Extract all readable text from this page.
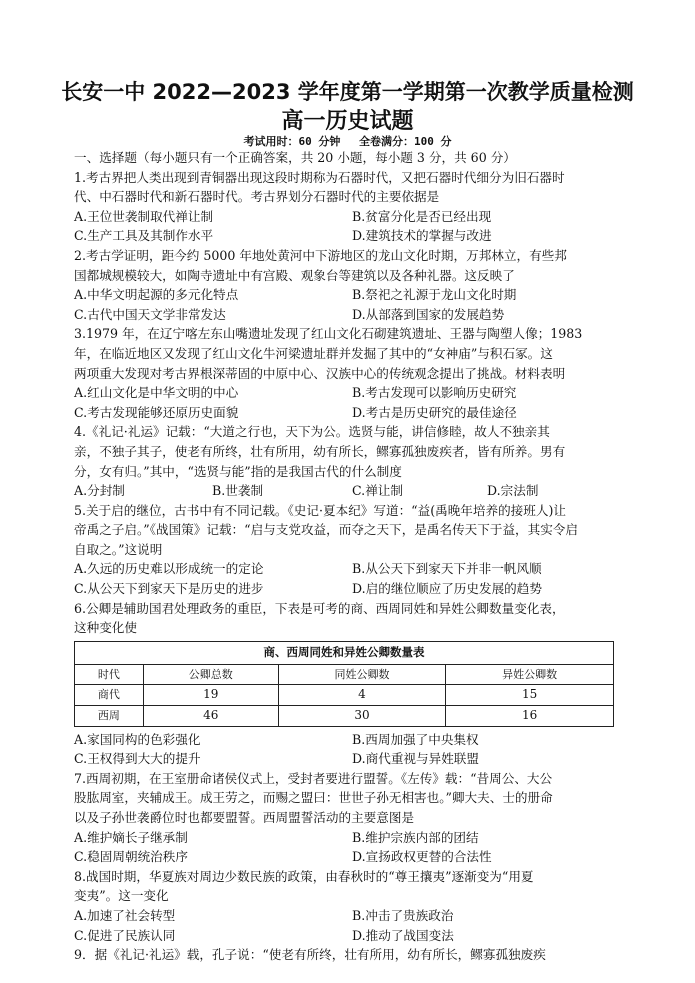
长安一中 2022—2023 学年度第一学期第一次教学质量检测
高一历史试题
考试用时：60 分钟 全卷满分：100 分
一、选择题（每小题只有一个正确答案，共 20 小题，每小题 3 分，共 60 分）
1.考古界把人类出现到青铜器出现这段时期称为石器时代，又把石器时代细分为旧石器时
代、中石器时代和新石器时代。考古界划分石器时代的主要依据是
A.王位世袭制取代禅让制	B.贫富分化是否已经出现
C.生产工具及其制作水平	D.建筑技术的掌握与改进
2.考古学证明，距今约 5000 年地处黄河中下游地区的龙山文化时期，万邦林立，有些邦
国都城规模较大，如陶寺遗址中有宫殿、观象台等建筑以及各种礼器。这反映了
A.中华文明起源的多元化特点	B.祭祀之礼源于龙山文化时期
C.古代中国天文学非常发达	D.从部落到国家的发展趋势
3.1979 年，在辽宁喀左东山嘴遗址发现了红山文化石砌建筑遗址、王器与陶塑人像；1983
年，在临近地区又发现了红山文化牛河梁遗址群并发掘了其中的“女神庙”与积石冢。这
两项重大发现对考古界根深蒂固的中原中心、汉族中心的传统观念提出了挑战。材料表明
A.红山文化是中华文明的中心	B.考古发现可以影响历史研究
C.考古发现能够还原历史面貌	D.考古是历史研究的最佳途径
4.《礼记·礼运》记载：“大道之行也，天下为公。选贤与能，讲信修睦，故人不独亲其
亲，不独子其子，使老有所终，壮有所用，幼有所长，鳏寡孤独废疾者，皆有所养。男有
分，女有归。”其中，“选贤与能”指的是我国古代的什么制度
A.分封制	B.世袭制	C.禅让制	D.宗法制
5.关于启的继位，古书中有不同记载。《史记·夏本纪》写道：“益(禹晚年培养的接班人)让
帝禹之子启。”《战国策》记载：“启与支党攻益，而夺之天下，是禹名传天下于益，其实令启
自取之。”这说明
A.久远的历史难以形成统一的定论	B.从公天下到家天下并非一帆风顺
C.从公天下到家天下是历史的进步	D.启的继位顺应了历史发展的趋势
6.公卿是辅助国君处理政务的重臣，下表是可考的商、西周同姓和异姓公卿数量变化表，
这种变化使
商、西周同姓和异姓公卿数量表			
时代	公卿总数	同姓公卿数	异姓公卿数
商代	19	4	15
西周	46	30	16
A.家国同构的色彩强化	B.西周加强了中央集权
C.王权得到大大的提升	D.商代重视与异姓联盟
7.西周初期，在王室册命诸侯仪式上，受封者要进行盟誓。《左传》载：“昔周公、大公
股肱周室，夹辅成王。成王劳之，而赐之盟曰：世世子孙无相害也。”卿大夫、士的册命
以及子孙世袭爵位时也都要盟誓。西周盟誓活动的主要意图是
A.维护嫡长子继承制	B.维护宗族内部的团结
C.稳固周朝统治秩序	D.宣扬政权更替的合法性
8.战国时期，华夏族对周边少数民族的政策，由春秋时的“尊王攘夷”逐渐变为“用夏
变夷”。这一变化
A.加速了社会转型	B.冲击了贵族政治
C.促进了民族认同	D.推动了战国变法
9．据《礼记·礼运》载，孔子说：“使老有所终，壮有所用，幼有所长，鳏寡孤独废疾
